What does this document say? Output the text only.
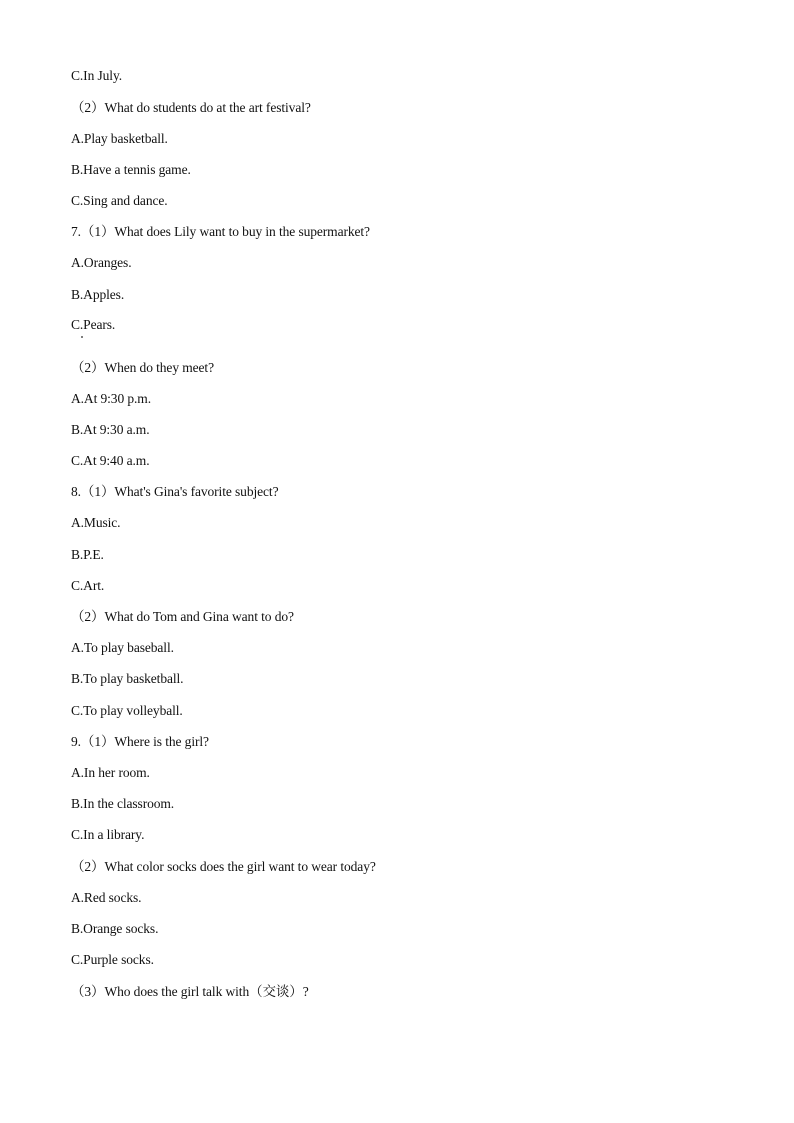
C.In July.
（2）What do students do at the art festival?
A.Play basketball.
B.Have a tennis game.
C.Sing and dance.
7.（1）What does Lily want to buy in the supermarket?
A.Oranges.
B.Apples.
C.Pears.
（2）When do they meet?
A.At 9:30 p.m.
B.At 9:30 a.m.
C.At 9:40 a.m.
8.（1）What's Gina's favorite subject?
A.Music.
B.P.E.
C.Art.
（2）What do Tom and Gina want to do?
A.To play baseball.
B.To play basketball.
C.To play volleyball.
9.（1）Where is the girl?
A.In her room.
B.In the classroom.
C.In a library.
（2）What color socks does the girl want to wear today?
A.Red socks.
B.Orange socks.
C.Purple socks.
（3）Who does the girl talk with（交谈）?
